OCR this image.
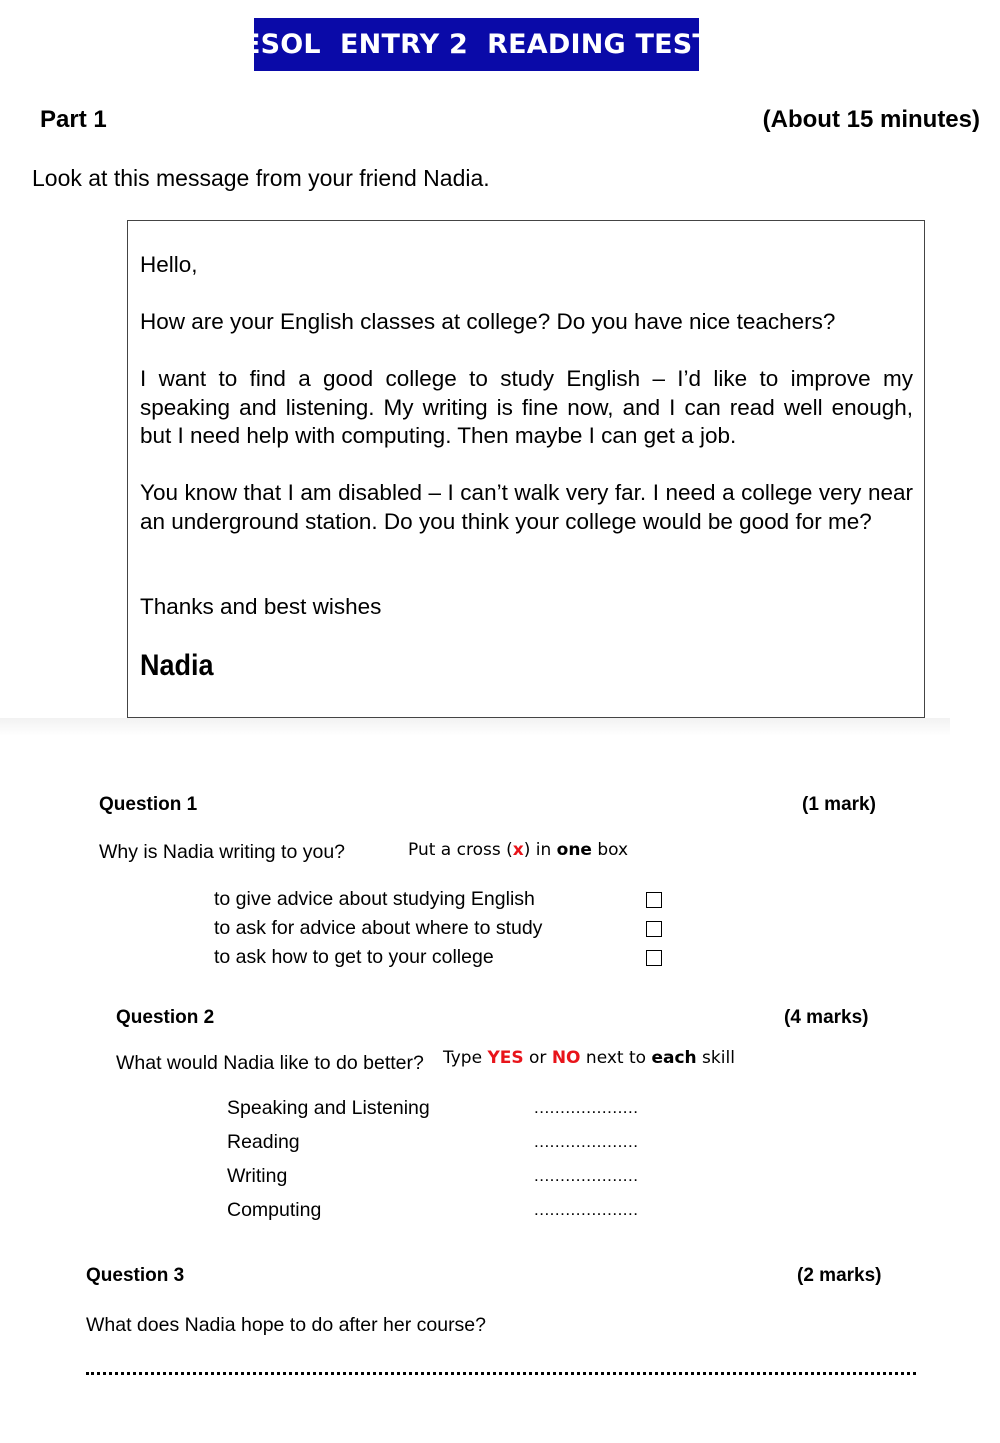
ESOL  ENTRY 2  READING TEST
Part 1	(About 15 minutes)
Look at this message from your friend Nadia.

Hello,

How are your English classes at college? Do you have nice teachers?

I want to find a good college to study English – I’d like to improve my speaking and listening. My writing is fine now, and I can read well enough, but I need help with computing. Then maybe I can get a job.

You know that I am disabled – I can’t walk very far. I need a college very near an underground station. Do you think your college would be good for me?

Thanks and best wishes

Nadia
Question 1	(1 mark)
Why is Nadia writing to you?	Put a cross (x) in one box
to give advice about studying English
to ask for advice about where to study
to ask how to get to your college
Question 2	(4 marks)
What would Nadia like to do better? Type YES or NO next to each skill
Speaking and Listening	....................
Reading	....................
Writing	....................
Computing	....................
Question 3	(2 marks)
What does Nadia hope to do after her course?
